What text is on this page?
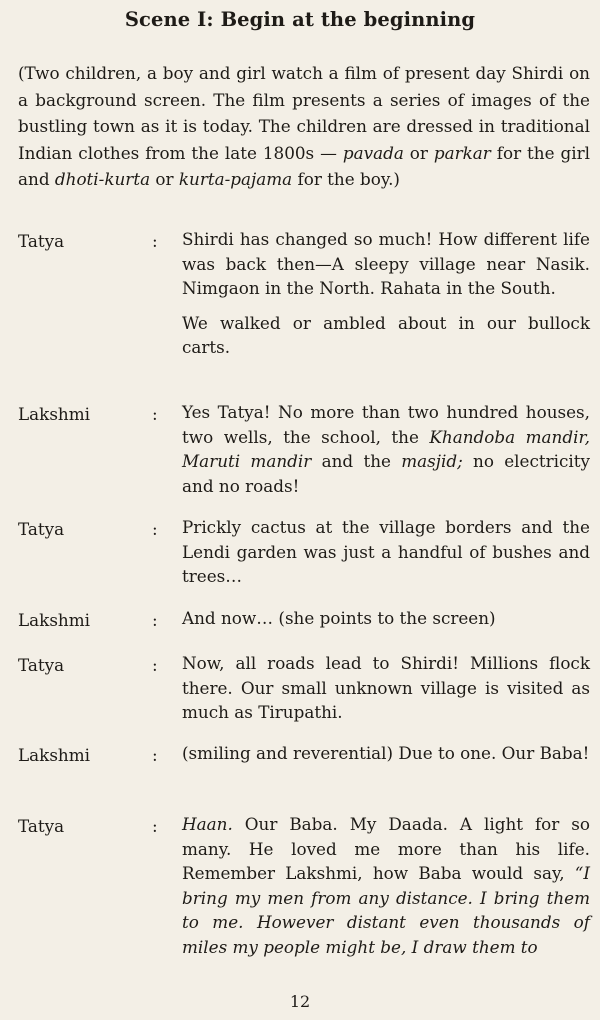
Scene I: Begin at the beginning
(Two children, a boy and girl watch a film of present day Shirdi on a background screen. The film presents a series of images of the bustling town as it is today. The children are dressed in traditional Indian clothes from the late 1800s — pavada or parkar for the girl and dhoti-kurta or kurta-pajama for the boy.)
Tatya	: Shirdi has changed so much! How different life was back then—A sleepy village near Nasik. Nimgaon in the North. Rahata in the South.

We walked or ambled about in our bullock carts.

Lakshmi	: Yes Tatya! No more than two hundred houses, two wells, the school, the Khandoba mandir, Maruti mandir and the masjid; no electricity and no roads!
Tatya	: Prickly cactus at the village borders and the Lendi garden was just a handful of bushes and trees…
Lakshmi	: And now… (she points to the screen)
Tatya	: Now, all roads lead to Shirdi! Millions flock there. Our small unknown village is visited as much as Tirupathi.
Lakshmi	: (smiling and reverential) Due to one. Our Baba!
Tatya	: Haan. Our Baba. My Daada. A light for so many. He loved me more than his life. Remember Lakshmi, how Baba would say, “I bring my men from any distance. I bring them to me. However distant even thousands of miles my people might be, I draw them to
12
